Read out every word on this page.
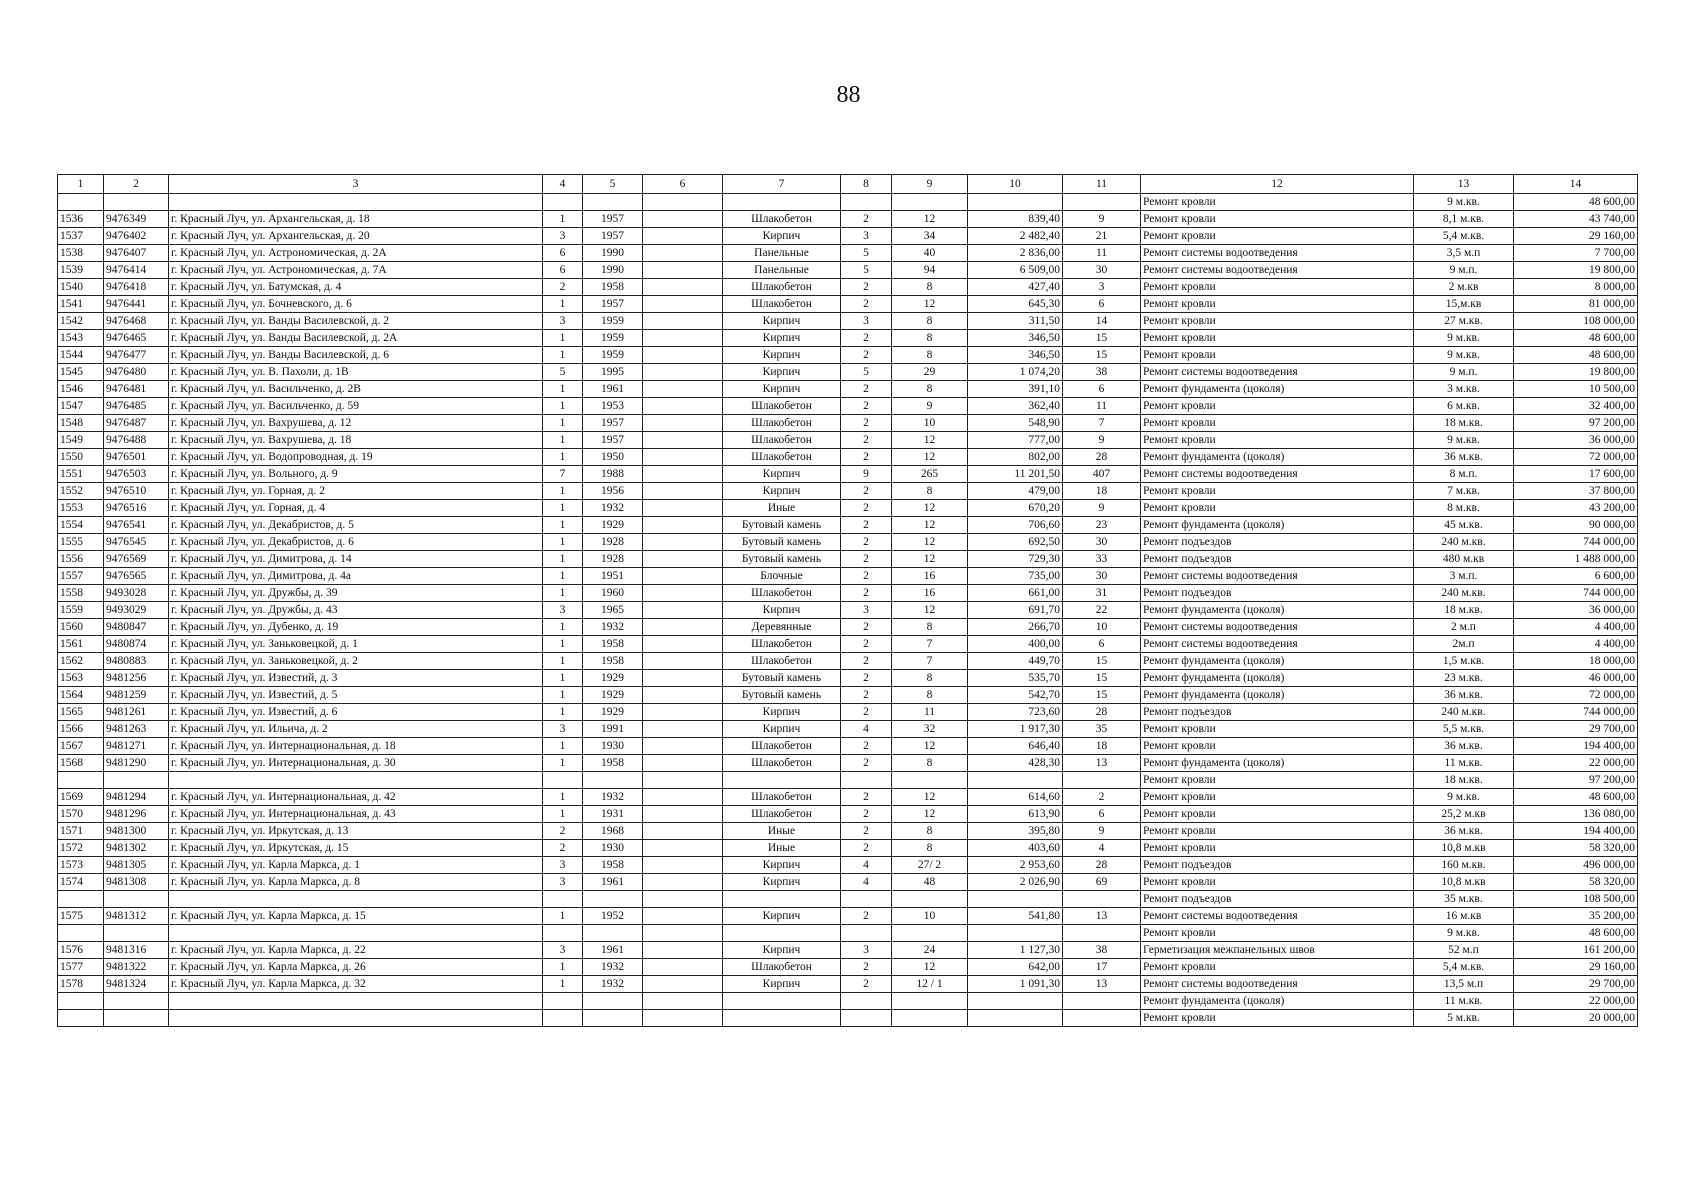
88
1	2	3	4	5	6	7	8	9	10	11	12	13	14
											Ремонт кровли	9 м.кв.	48 600,00
1536	9476349	г. Красный Луч, ул. Архангельская, д. 18	1	1957		Шлакобетон	2	12	839,40	9	Ремонт кровли	8,1 м.кв.	43 740,00
1537	9476402	г. Красный Луч, ул. Архангельская, д. 20	3	1957		Кирпич	3	34	2 482,40	21	Ремонт кровли	5,4 м.кв.	29 160,00
1538	9476407	г. Красный Луч, ул. Астрономическая, д. 2А	6	1990		Панельные	5	40	2 836,00	11	Ремонт системы водоотведения	3,5 м.п	7 700,00
1539	9476414	г. Красный Луч, ул. Астрономическая, д. 7А	6	1990		Панельные	5	94	6 509,00	30	Ремонт системы водоотведения	9 м.п.	19 800,00
1540	9476418	г. Красный Луч, ул. Батумская, д. 4	2	1958		Шлакобетон	2	8	427,40	3	Ремонт кровли	2 м.кв	8 000,00
1541	9476441	г. Красный Луч, ул. Бочневского, д. 6	1	1957		Шлакобетон	2	12	645,30	6	Ремонт кровли	15,м.кв	81 000,00
1542	9476468	г. Красный Луч, ул. Ванды Василевской, д. 2	3	1959		Кирпич	3	8	311,50	14	Ремонт кровли	27 м.кв.	108 000,00
1543	9476465	г. Красный Луч, ул. Ванды Василевской, д. 2А	1	1959		Кирпич	2	8	346,50	15	Ремонт кровли	9 м.кв.	48 600,00
1544	9476477	г. Красный Луч, ул. Ванды Василевской, д. 6	1	1959		Кирпич	2	8	346,50	15	Ремонт кровли	9 м.кв.	48 600,00
1545	9476480	г. Красный Луч, ул. В. Пахоли, д. 1В	5	1995		Кирпич	5	29	1 074,20	38	Ремонт системы водоотведения	9 м.п.	19 800,00
1546	9476481	г. Красный Луч, ул. Васильченко, д. 2В	1	1961		Кирпич	2	8	391,10	6	Ремонт фундамента (цоколя)	3 м.кв.	10 500,00
1547	9476485	г. Красный Луч, ул. Васильченко, д. 59	1	1953		Шлакобетон	2	9	362,40	11	Ремонт кровли	6 м.кв.	32 400,00
1548	9476487	г. Красный Луч, ул. Вахрушева, д. 12	1	1957		Шлакобетон	2	10	548,90	7	Ремонт кровли	18 м.кв.	97 200,00
1549	9476488	г. Красный Луч, ул. Вахрушева, д. 18	1	1957		Шлакобетон	2	12	777,00	9	Ремонт кровли	9 м.кв.	36 000,00
1550	9476501	г. Красный Луч, ул. Водопроводная, д. 19	1	1950		Шлакобетон	2	12	802,00	28	Ремонт фундамента (цоколя)	36 м.кв.	72 000,00
1551	9476503	г. Красный Луч, ул. Вольного, д. 9	7	1988		Кирпич	9	265	11 201,50	407	Ремонт системы водоотведения	8 м.п.	17 600,00
1552	9476510	г. Красный Луч, ул. Горная, д. 2	1	1956		Кирпич	2	8	479,00	18	Ремонт кровли	7 м.кв.	37 800,00
1553	9476516	г. Красный Луч, ул. Горная, д. 4	1	1932		Иные	2	12	670,20	9	Ремонт кровли	8 м.кв.	43 200,00
1554	9476541	г. Красный Луч, ул. Декабристов, д. 5	1	1929		Бутовый камень	2	12	706,60	23	Ремонт фундамента (цоколя)	45 м.кв.	90 000,00
1555	9476545	г. Красный Луч, ул. Декабристов, д. 6	1	1928		Бутовый камень	2	12	692,50	30	Ремонт подъездов	240 м.кв.	744 000,00
1556	9476569	г. Красный Луч, ул. Димитрова, д. 14	1	1928		Бутовый камень	2	12	729,30	33	Ремонт подъездов	480 м.кв	1 488 000,00
1557	9476565	г. Красный Луч, ул. Димитрова, д. 4а	1	1951		Блочные	2	16	735,00	30	Ремонт системы водоотведения	3 м.п.	6 600,00
1558	9493028	г. Красный Луч, ул. Дружбы, д. 39	1	1960		Шлакобетон	2	16	661,00	31	Ремонт подъездов	240 м.кв.	744 000,00
1559	9493029	г. Красный Луч, ул. Дружбы, д. 43	3	1965		Кирпич	3	12	691,70	22	Ремонт фундамента (цоколя)	18 м.кв.	36 000,00
1560	9480847	г. Красный Луч, ул. Дубенко, д. 19	1	1932		Деревянные	2	8	266,70	10	Ремонт системы водоотведения	2 м.п	4 400,00
1561	9480874	г. Красный Луч, ул. Заньковецкой, д. 1	1	1958		Шлакобетон	2	7	400,00	6	Ремонт системы водоотведения	2м.п	4 400,00
1562	9480883	г. Красный Луч, ул. Заньковецкой, д. 2	1	1958		Шлакобетон	2	7	449,70	15	Ремонт фундамента (цоколя)	1,5 м.кв.	18 000,00
1563	9481256	г. Красный Луч, ул. Известий, д. 3	1	1929		Бутовый камень	2	8	535,70	15	Ремонт фундамента (цоколя)	23 м.кв.	46 000,00
1564	9481259	г. Красный Луч, ул. Известий, д. 5	1	1929		Бутовый камень	2	8	542,70	15	Ремонт фундамента (цоколя)	36 м.кв.	72 000,00
1565	9481261	г. Красный Луч, ул. Известий, д. 6	1	1929		Кирпич	2	11	723,60	28	Ремонт подъездов	240 м.кв.	744 000,00
1566	9481263	г. Красный Луч, ул. Ильича, д. 2	3	1991		Кирпич	4	32	1 917,30	35	Ремонт кровли	5,5 м.кв.	29 700,00
1567	9481271	г. Красный Луч, ул. Интернациональная, д. 18	1	1930		Шлакобетон	2	12	646,40	18	Ремонт кровли	36 м.кв.	194 400,00
1568	9481290	г. Красный Луч, ул. Интернациональная, д. 30	1	1958		Шлакобетон	2	8	428,30	13	Ремонт фундамента (цоколя)	11 м.кв.	22 000,00
											Ремонт кровли	18 м.кв.	97 200,00
1569	9481294	г. Красный Луч, ул. Интернациональная, д. 42	1	1932		Шлакобетон	2	12	614,60	2	Ремонт кровли	9 м.кв.	48 600,00
1570	9481296	г. Красный Луч, ул. Интернациональная, д. 43	1	1931		Шлакобетон	2	12	613,90	6	Ремонт кровли	25,2 м.кв	136 080,00
1571	9481300	г. Красный Луч, ул. Иркутская, д. 13	2	1968		Иные	2	8	395,80	9	Ремонт кровли	36 м.кв.	194 400,00
1572	9481302	г. Красный Луч, ул. Иркутская, д. 15	2	1930		Иные	2	8	403,60	4	Ремонт кровли	10,8 м.кв	58 320,00
1573	9481305	г. Красный Луч, ул. Карла Маркса, д. 1	3	1958		Кирпич	4	27/ 2	2 953,60	28	Ремонт подъездов	160 м.кв.	496 000,00
1574	9481308	г. Красный Луч, ул. Карла Маркса, д. 8	3	1961		Кирпич	4	48	2 026,90	69	Ремонт кровли	10,8 м.кв	58 320,00
											Ремонт подъездов	35 м.кв.	108 500,00
1575	9481312	г. Красный Луч, ул. Карла Маркса, д. 15	1	1952		Кирпич	2	10	541,80	13	Ремонт системы водоотведения	16 м.кв	35 200,00
											Ремонт кровли	9 м.кв.	48 600,00
1576	9481316	г. Красный Луч, ул. Карла Маркса, д. 22	3	1961		Кирпич	3	24	1 127,30	38	Герметизация межпанельных швов	52 м.п	161 200,00
1577	9481322	г. Красный Луч, ул. Карла Маркса, д. 26	1	1932		Шлакобетон	2	12	642,00	17	Ремонт кровли	5,4 м.кв.	29 160,00
1578	9481324	г. Красный Луч, ул. Карла Маркса, д. 32	1	1932		Кирпич	2	12 / 1	1 091,30	13	Ремонт системы водоотведения	13,5 м.п	29 700,00
											Ремонт фундамента (цоколя)	11 м.кв.	22 000,00
											Ремонт кровли	5 м.кв.	20 000,00
